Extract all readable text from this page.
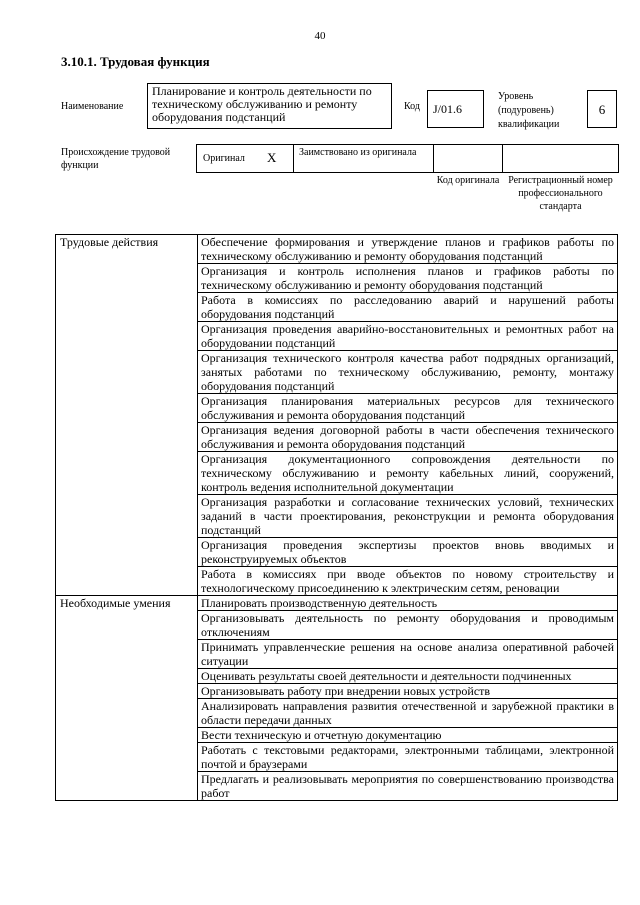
40
3.10.1. Трудовая функция
Наименование
Планирование и контроль деятельности по техническому обслуживанию и ремонту оборудования подстанций
Код	J/01.6
Уровень
(подуровень)
квалификации
6
Происхождение трудовой функции
Оригинал X	Заимствовано из оригинала
Код оригинала Регистрационный номер профессионального стандарта
Трудовые действия	Обеспечение формирования и утверждение планов и графиков работы по техническому обслуживанию и ремонту оборудования подстанций
	Организация и контроль исполнения планов и графиков работы по техническому обслуживанию и ремонту оборудования подстанций
	Работа в комиссиях по расследованию аварий и нарушений работы оборудования подстанций
	Организация проведения аварийно-восстановительных и ремонтных работ на оборудовании подстанций
	Организация технического контроля качества работ подрядных организаций, занятых работами по техническому обслуживанию, ремонту, монтажу оборудования подстанций
	Организация планирования материальных ресурсов для технического обслуживания и ремонта оборудования подстанций
	Организация ведения договорной работы в части обеспечения технического обслуживания и ремонта оборудования подстанций
	Организация документационного сопровождения деятельности по техническому обслуживанию и ремонту кабельных линий, сооружений, контроль ведения исполнительной документации
	Организация разработки и согласование технических условий, технических заданий в части проектирования, реконструкции и ремонта оборудования подстанций
	Организация проведения экспертизы проектов вновь вводимых и реконструируемых объектов
	Работа в комиссиях при вводе объектов по новому строительству и технологическому присоединению к электрическим сетям, реновации
Необходимые умения	Планировать производственную деятельность
	Организовывать деятельность по ремонту оборудования и проводимым отключениям
	Принимать управленческие решения на основе анализа оперативной рабочей ситуации
	Оценивать результаты своей деятельности и деятельности подчиненных
	Организовывать работу при внедрении новых устройств
	Анализировать направления развития отечественной и зарубежной практики в области передачи данных
	Вести техническую и отчетную документацию
	Работать с текстовыми редакторами, электронными таблицами, электронной почтой и браузерами
	Предлагать и реализовывать мероприятия по совершенствованию производства работ
